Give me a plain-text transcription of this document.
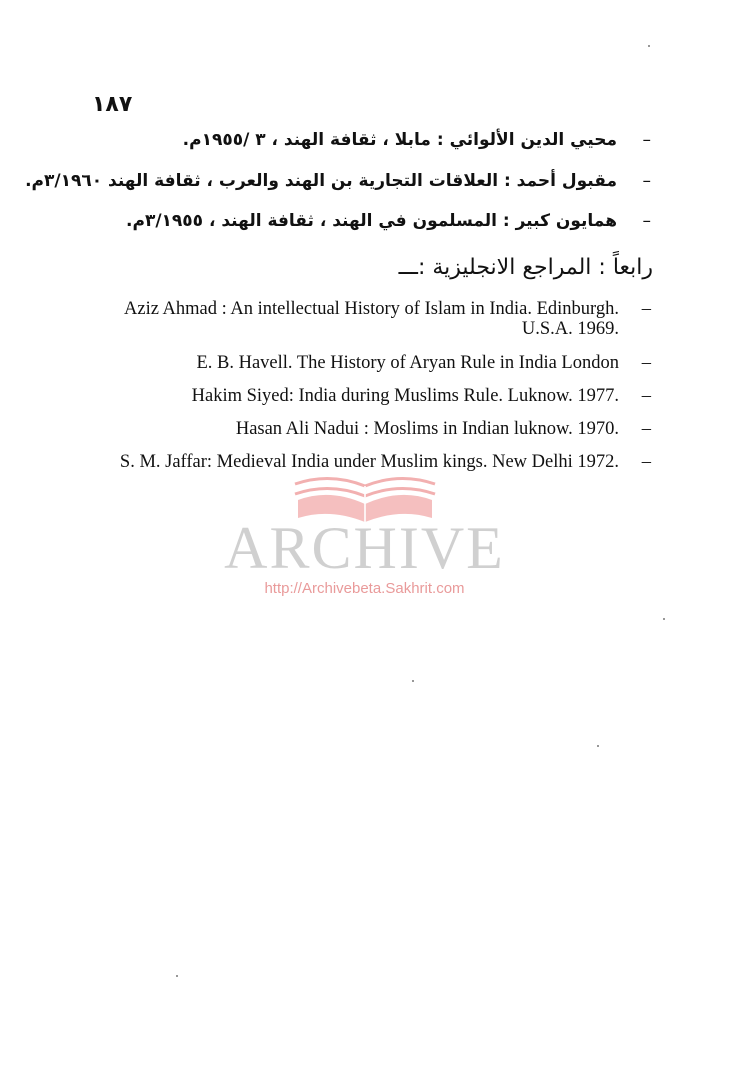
١٨٧
–محيي الدين الألوائي : مابلا ، ثقافة الهند ، ٣ /١٩٥٥م.
–مقبول أحمد : العلاقات التجارية بن الهند والعرب ، ثقافة الهند ٣/١٩٦٠م.
–همايون كبير : المسلمون في الهند ، ثقافة الهند ، ٣/١٩٥٥م.
رابعاً : المراجع الانجليزية :ـــ
Aziz Ahmad : An intellectual History of Islam in India. Edinburgh.	–
U.S.A. 1969.
E. B. Havell. The History of Aryan Rule in India London	–
Hakim Siyed: India during Muslims Rule. Luknow. 1977.	–
Hasan Ali Nadui : Moslims in Indian luknow. 1970.	–
S. M. Jaffar: Medieval India under Muslim kings. New Delhi 1972.	–
ARCHIVE
http://Archivebeta.Sakhrit.com
